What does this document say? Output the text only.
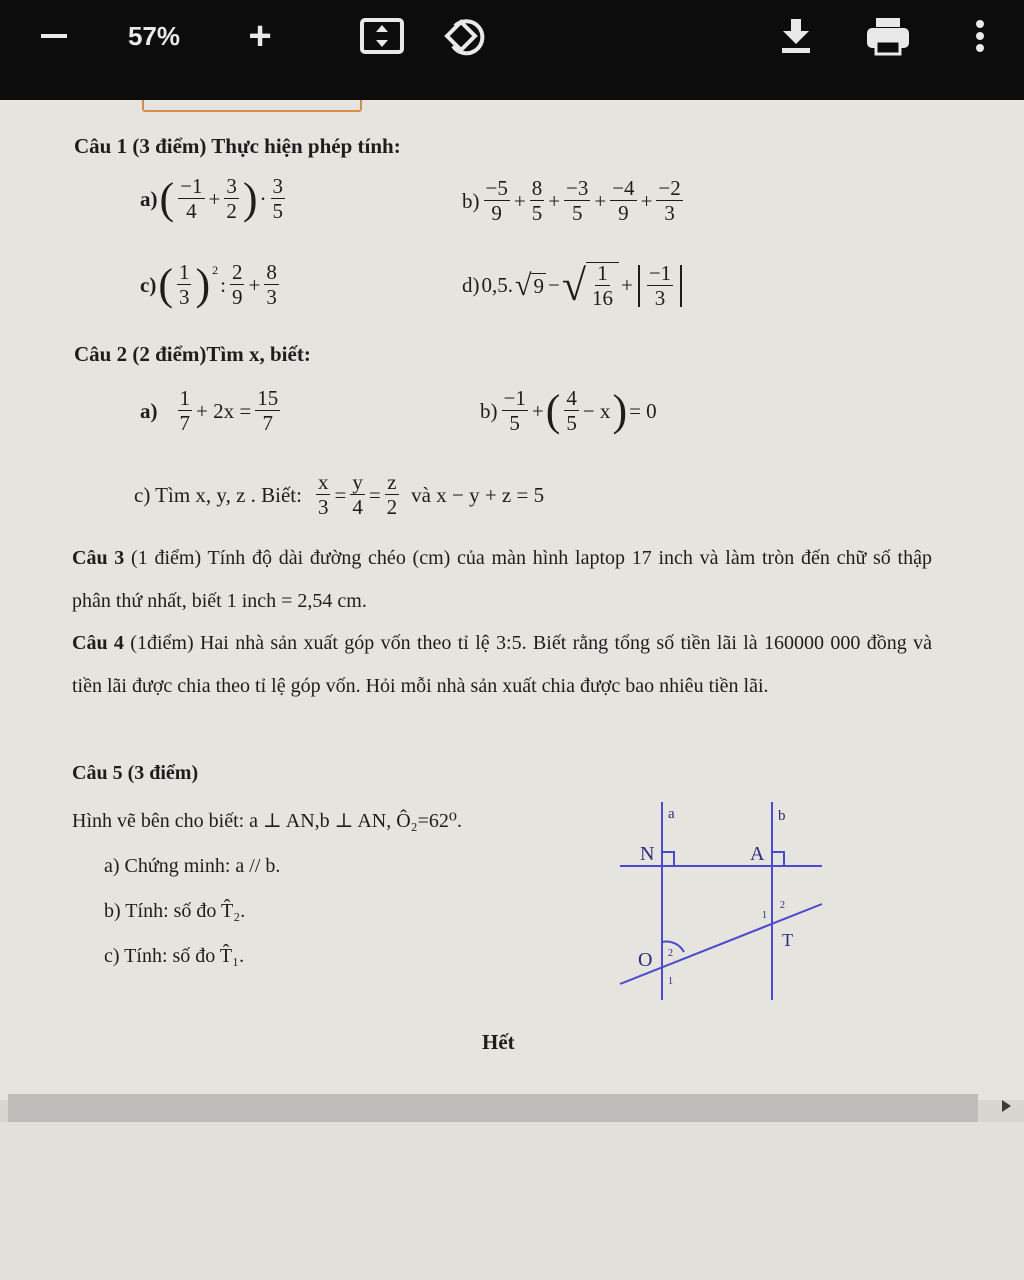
57% +
Câu 1 (3 điểm) Thực hiện phép tính:
a) ( $\frac{-1}{4} + \frac{3}{2}$ ) · $\frac{3}{5}$	$b) \frac{-5}{9} + \frac{8}{5} + \frac{-3}{5} + \frac{-4}{9} + \frac{-2}{3}$
c) ( $\frac{1}{3} )^2$
: $\frac{2}{9} + \frac{8}{3}$	d) 0,5. √ 9 − √ $\frac{1}{16} + \frac{-1}{3}$
Câu 2 (2 điểm)Tìm x, biết:
$a) \frac{1}{7} + 2x = \frac{15}{7}$	$b) \frac{-1}{5}$ + ( $\frac{4}{5} - x$ ) = 0
c) Tìm x, y, z . Biết: $\frac{x}{3} = \frac{y}{4} = \frac{z}{2}$ và x − y + z = 5
Câu 3 (1 điểm) Tính độ dài đường chéo (cm) của màn hình laptop 17 inch và làm tròn đến chữ số thập phân thứ nhất, biết 1 inch = 2,54 cm.
Câu 4 (1điểm) Hai nhà sản xuất góp vốn theo tỉ lệ 3:5. Biết rằng tổng số tiền lãi là 160000 000 đồng và tiền lãi được chia theo tỉ lệ góp vốn. Hỏi mỗi nhà sản xuất chia được bao nhiêu tiền lãi.
Câu 5 (3 điểm)
Hình vẽ bên cho biết: a ⊥ AN,b ⊥ AN, Ô₂=62⁰.
a) Chứng minh: a // b.
b) Tính: số đo T̂₂.
c) Tính: số đo T̂₁.
a	b
N	A
O
T
2
1
1
2
Hết
